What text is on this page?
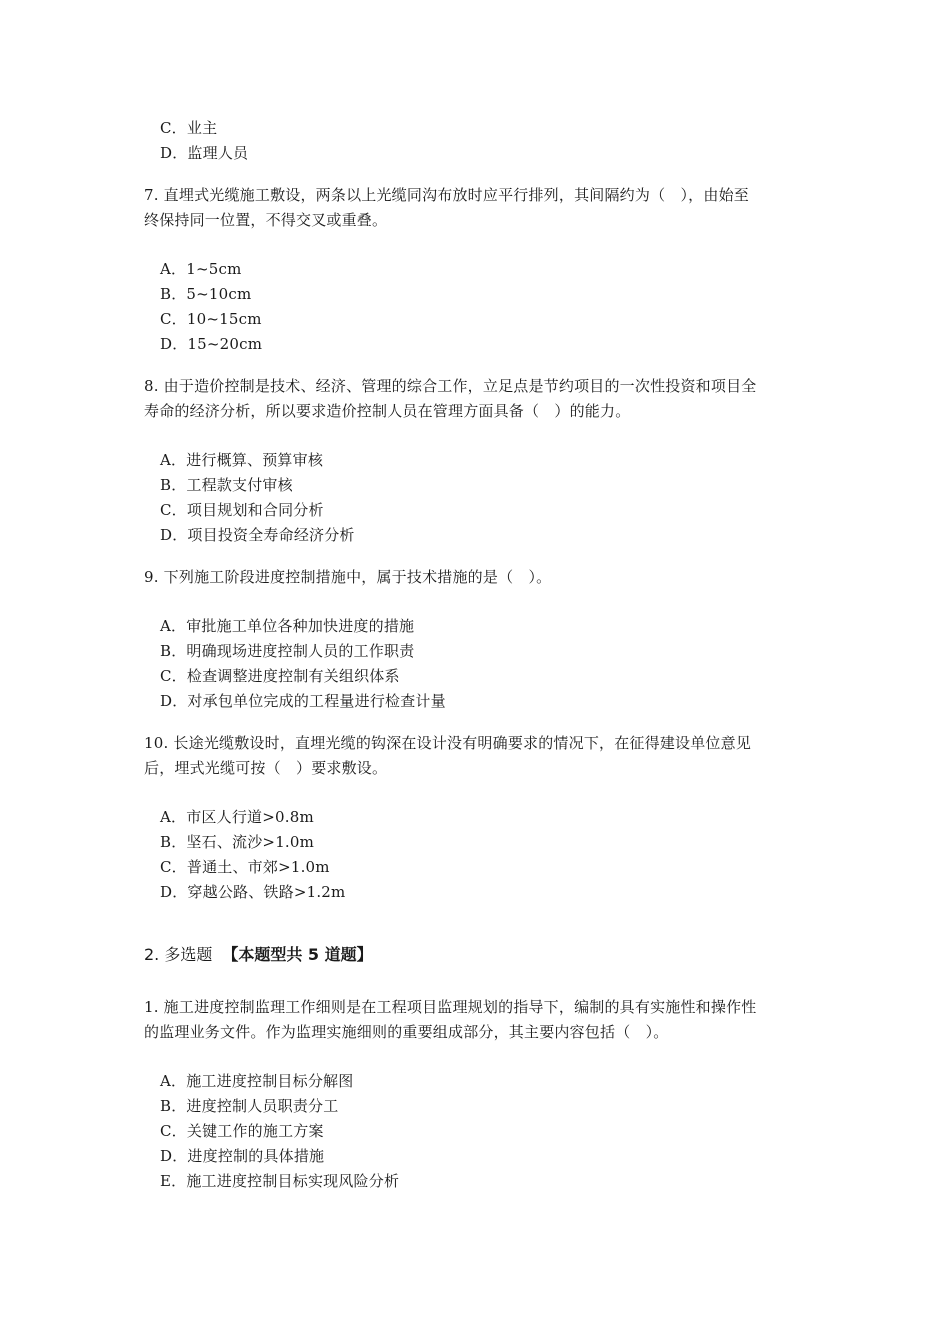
C．业主
D．监理人员
7. 直埋式光缆施工敷设，两条以上光缆同沟布放时应平行排列，其间隔约为（　），由始至
终保持同一位置，不得交叉或重叠。
A．1~5cm
B．5~10cm
C．10~15cm
D．15~20cm
8. 由于造价控制是技术、经济、管理的综合工作，立足点是节约项目的一次性投资和项目全
寿命的经济分析，所以要求造价控制人员在管理方面具备（　）的能力。
A．进行概算、预算审核
B．工程款支付审核
C．项目规划和合同分析
D．项目投资全寿命经济分析
9. 下列施工阶段进度控制措施中，属于技术措施的是（　）。
A．审批施工单位各种加快进度的措施
B．明确现场进度控制人员的工作职责
C．检查调整进度控制有关组织体系
D．对承包单位完成的工程量进行检查计量
10. 长途光缆敷设时，直埋光缆的钩深在设计没有明确要求的情况下，在征得建设单位意见
后，埋式光缆可按（　）要求敷设。
A．市区人行道>0.8m
B．坚石、流沙>1.0m
C．普通土、市郊>1.0m
D．穿越公路、铁路>1.2m
2. 多选题 【本题型共 5 道题】
1. 施工进度控制监理工作细则是在工程项目监理规划的指导下，编制的具有实施性和操作性
的监理业务文件。作为监理实施细则的重要组成部分，其主要内容包括（　）。
A．施工进度控制目标分解图
B．进度控制人员职责分工
C．关键工作的施工方案
D．进度控制的具体措施
E．施工进度控制目标实现风险分析
